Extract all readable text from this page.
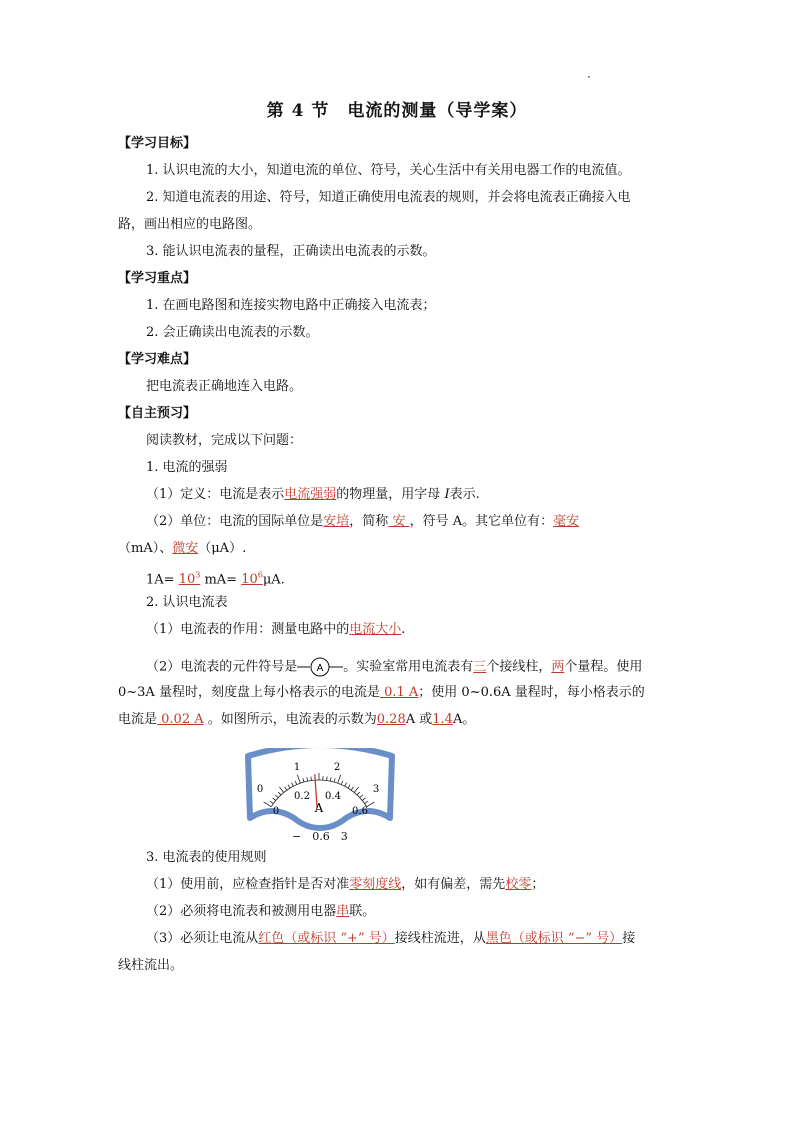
第 4 节　电流的测量（导学案）
【学习目标】
1. 认识电流的大小，知道电流的单位、符号，关心生活中有关用电器工作的电流值。
2. 知道电流表的用途、符号，知道正确使用电流表的规则，并会将电流表正确接入电
路，画出相应的电路图。
3. 能认识电流表的量程，正确读出电流表的示数。
【学习重点】
1. 在画电路图和连接实物电路中正确接入电流表；
2. 会正确读出电流表的示数。
【学习难点】
把电流表正确地连入电路。
【自主预习】
阅读教材，完成以下问题：
1. 电流的强弱
（1）定义：电流是表示电流强弱的物理量，用字母 I表示.
（2）单位：电流的国际单位是安培，简称 安 ，符号 A。其它单位有：毫安
（mA）、微安（μA）.
$1A= 10^3$ $mA= 10^6\mu A$.
2. 认识电流表
（1）电流表的作用：测量电路中的电流大小.
（2）电流表的元件符号是 A 。实验室常用电流表有三个接线柱，两个量程。使用
0~3A 量程时，刻度盘上每小格表示的电流是 0.1 A；使用 0~0.6A 量程时，每小格表示的
电流是 0.02 A 。如图所示，电流表的示数为0.28A 或1.4A。
0
1	2
3
0
0.2 0.4
0.6
A
−　0.6　3
3. 电流表的使用规则
（1）使用前，应检查指针是否对准零刻度线，如有偏差，需先校零；
（2）必须将电流表和被测用电器串联。
（3）必须让电流从红色（或标识 “+” 号）接线柱流进，从黑色（或标识 “−” 号）接
线柱流出。
